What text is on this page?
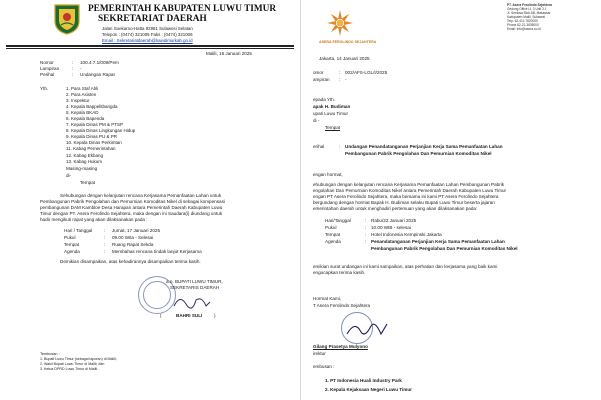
PEMERINTAH KABUPATEN LUWU TIMUR
SEKRETARIAT DAERAH
Jalan Soekarno-Hatta 92981 Sulawesi Selatan
Telepon : (0474) 321005 Faks : (0474) 321006
Email : Sekretariatdaerah@luwutimurkab.go.id
Malili, 16 Januari 2025
Nomor	: 100.4.7.1/009/Pem
Lampiran	: -
Perihal	: Undangan Rapat
Yth.	1. Para Staf Ahli
2. Para Asisten
3. Inspektur
4. Kepala Bappelitbangda
5. Kepala BKAD
6. Kepala Bapenda
7. Kepala Dinas PM & PTSP
8. Kepala Dinas Lingkungan Hidup
9. Kepala Dinas PU & PR
10. Kepala Dinas Perkimtan
11. Kabag Pemerintahan
12. Kabag Ekbang
13. Kabag Hukum
Masing-masing
di-
Tempat
Sehubungan dengan kelanjutan rencana Kerjasama Pemanfaatan Lahan untuk
Pembangunan Pabrik Pengolahan dan Pemurnian Komoditas Nikel di sebagai kompensasi
pembangunan DAM Kambloe Desa Harapan antara Pemerintah Daerah Kabupaten Luwu
Timur dengan PT. Asera Ferolindo Sejahtera, maka dengan ini Saudara(i) diundang untuk
hadir mengikuti rapat yang akan dilaksanakan pada :
Hari / Tanggal	: Jumat, 17 Januari 2025
Pukul	: 09.00 Wita - Selesai
Tempat	: Ruang Rapat Sekda
Agenda	: Membahas rencana tindak lanjut Kerjasama
Demikian disampaikan, atas kehadirannya disampaikan terima kasih.
a.n. BUPATI LUWU TIMUR,
SEKRETARIS DAERAH
(	BAHRI SULI	)
Tembusan :
1. Bupati Luwu Timur (sebagai laporan) di Malili;
2. Wakil Bupati Luwu Timur di Malili; dan
3. Ketua DPRD Luwu Timur di Malili.
ASERA FEROLINDO SEJAHTERA
PT. Asera Ferolindo Sejahtera
Gedung Office Lt. 3 Unit 3.1
Jl. Sentosa Blok AB, Makassar
Kabupaten Malili, Sulawesi
Telp. 62-411-7820000
Phone 62-21-3835000
Email: info@asera.co.id
Jakarta, 14 Januari 2025
omor	: 002/AFS-LGL/I/2025
ampiran : -
epada Yth.
apak H. Budiman
upati Luwu Timur
di -
Tempat
erihal	: Undangan Penandatanganan Perjanjian Kerja Sama Pemanfaatan Lahan
Pembangunan Pabrik Pengolahan Dan Pemurnian Komoditas Nikel
engan hormat,
ehubungan dengan kelanjutan rencana Kerjasama Pemanfaatan Lahan Pembangunan Pabrik
engolahan Dan Pemurnian Komoditas Nikel antara Pemerintah Daerah Kabupaten Luwu Timur
engan PT Asera Ferolindo Sejahtera, maka bersama ini kami PT Asera Ferolindo Sejahtera
bergundang dengan hormat Bapak H. Budiman selaku Bupati Luwu Timur beserta jajaran
emerintahan daerah untuk menghadiri pertemuan yang akan dilaksanakan pada:
Hari/Tanggal	: Rabu/22 Januari 2025
Pukul	: 10.00 WIB - selesai
Tempat	: Hotel Indonesia Kempinski Jakarta
Agenda	: Penandatanganan Perjanjian Kerja Sama Pemanfaatan Lahan
Pembangunan Pabrik Pengolahan Dan Pemurnian Komoditas Nikel
emikian surat undangan ini kami sampaikan, atas perhatian dan kerjasama yang baik kami
engucapkan terima kasih.
Hormat Kami,
T Asera Ferolindo Sejahtera
Gilang Prasetya Mulyono
irektur
embusan :
1. PT Indonesia Huali Industry Park
2. Kepala Kejaksaan Negeri Luwu Timur
